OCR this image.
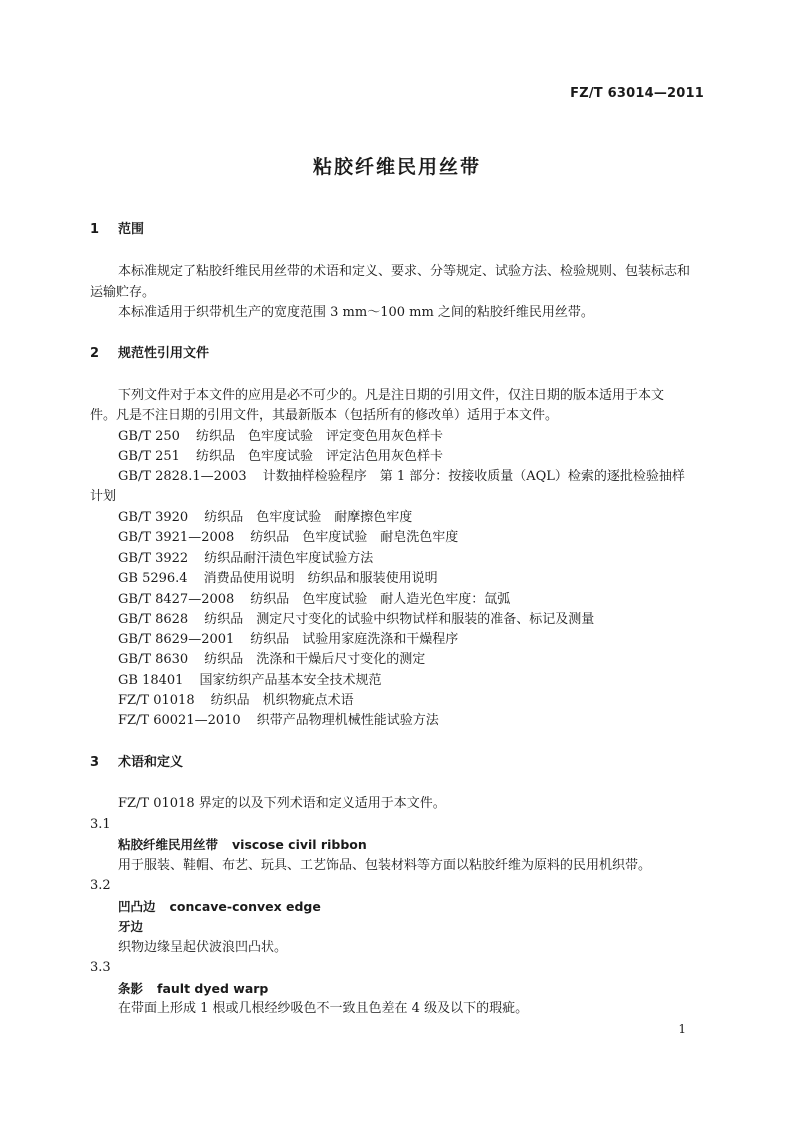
FZ/T 63014—2011
粘胶纤维民用丝带
1 范围
本标准规定了粘胶纤维民用丝带的术语和定义、要求、分等规定、试验方法、检验规则、包装标志和
运输贮存。
本标准适用于织带机生产的宽度范围 3 mm～100 mm 之间的粘胶纤维民用丝带。
2 规范性引用文件
下列文件对于本文件的应用是必不可少的。凡是注日期的引用文件，仅注日期的版本适用于本文
件。凡是不注日期的引用文件，其最新版本（包括所有的修改单）适用于本文件。
GB/T 250 纺织品　色牢度试验　评定变色用灰色样卡
GB/T 251 纺织品　色牢度试验　评定沾色用灰色样卡
GB/T 2828.1—2003 计数抽样检验程序　第 1 部分：按接收质量（AQL）检索的逐批检验抽样
计划
GB/T 3920 纺织品　色牢度试验　耐摩擦色牢度
GB/T 3921—2008 纺织品　色牢度试验　耐皂洗色牢度
GB/T 3922 纺织品耐汗渍色牢度试验方法
GB 5296.4 消费品使用说明　纺织品和服装使用说明
GB/T 8427—2008 纺织品　色牢度试验　耐人造光色牢度：氙弧
GB/T 8628 纺织品　测定尺寸变化的试验中织物试样和服装的准备、标记及测量
GB/T 8629—2001 纺织品　试验用家庭洗涤和干燥程序
GB/T 8630 纺织品　洗涤和干燥后尺寸变化的测定
GB 18401 国家纺织产品基本安全技术规范
FZ/T 01018 纺织品　机织物疵点术语
FZ/T 60021—2010 织带产品物理机械性能试验方法
3 术语和定义
FZ/T 01018 界定的以及下列术语和定义适用于本文件。
3.1
粘胶纤维民用丝带 viscose civil ribbon
用于服装、鞋帽、布艺、玩具、工艺饰品、包装材料等方面以粘胶纤维为原料的民用机织带。
3.2
凹凸边 concave-convex edge
牙边
织物边缘呈起伏波浪凹凸状。
3.3
条影 fault dyed warp
在带面上形成 1 根或几根经纱吸色不一致且色差在 4 级及以下的瑕疵。
1
